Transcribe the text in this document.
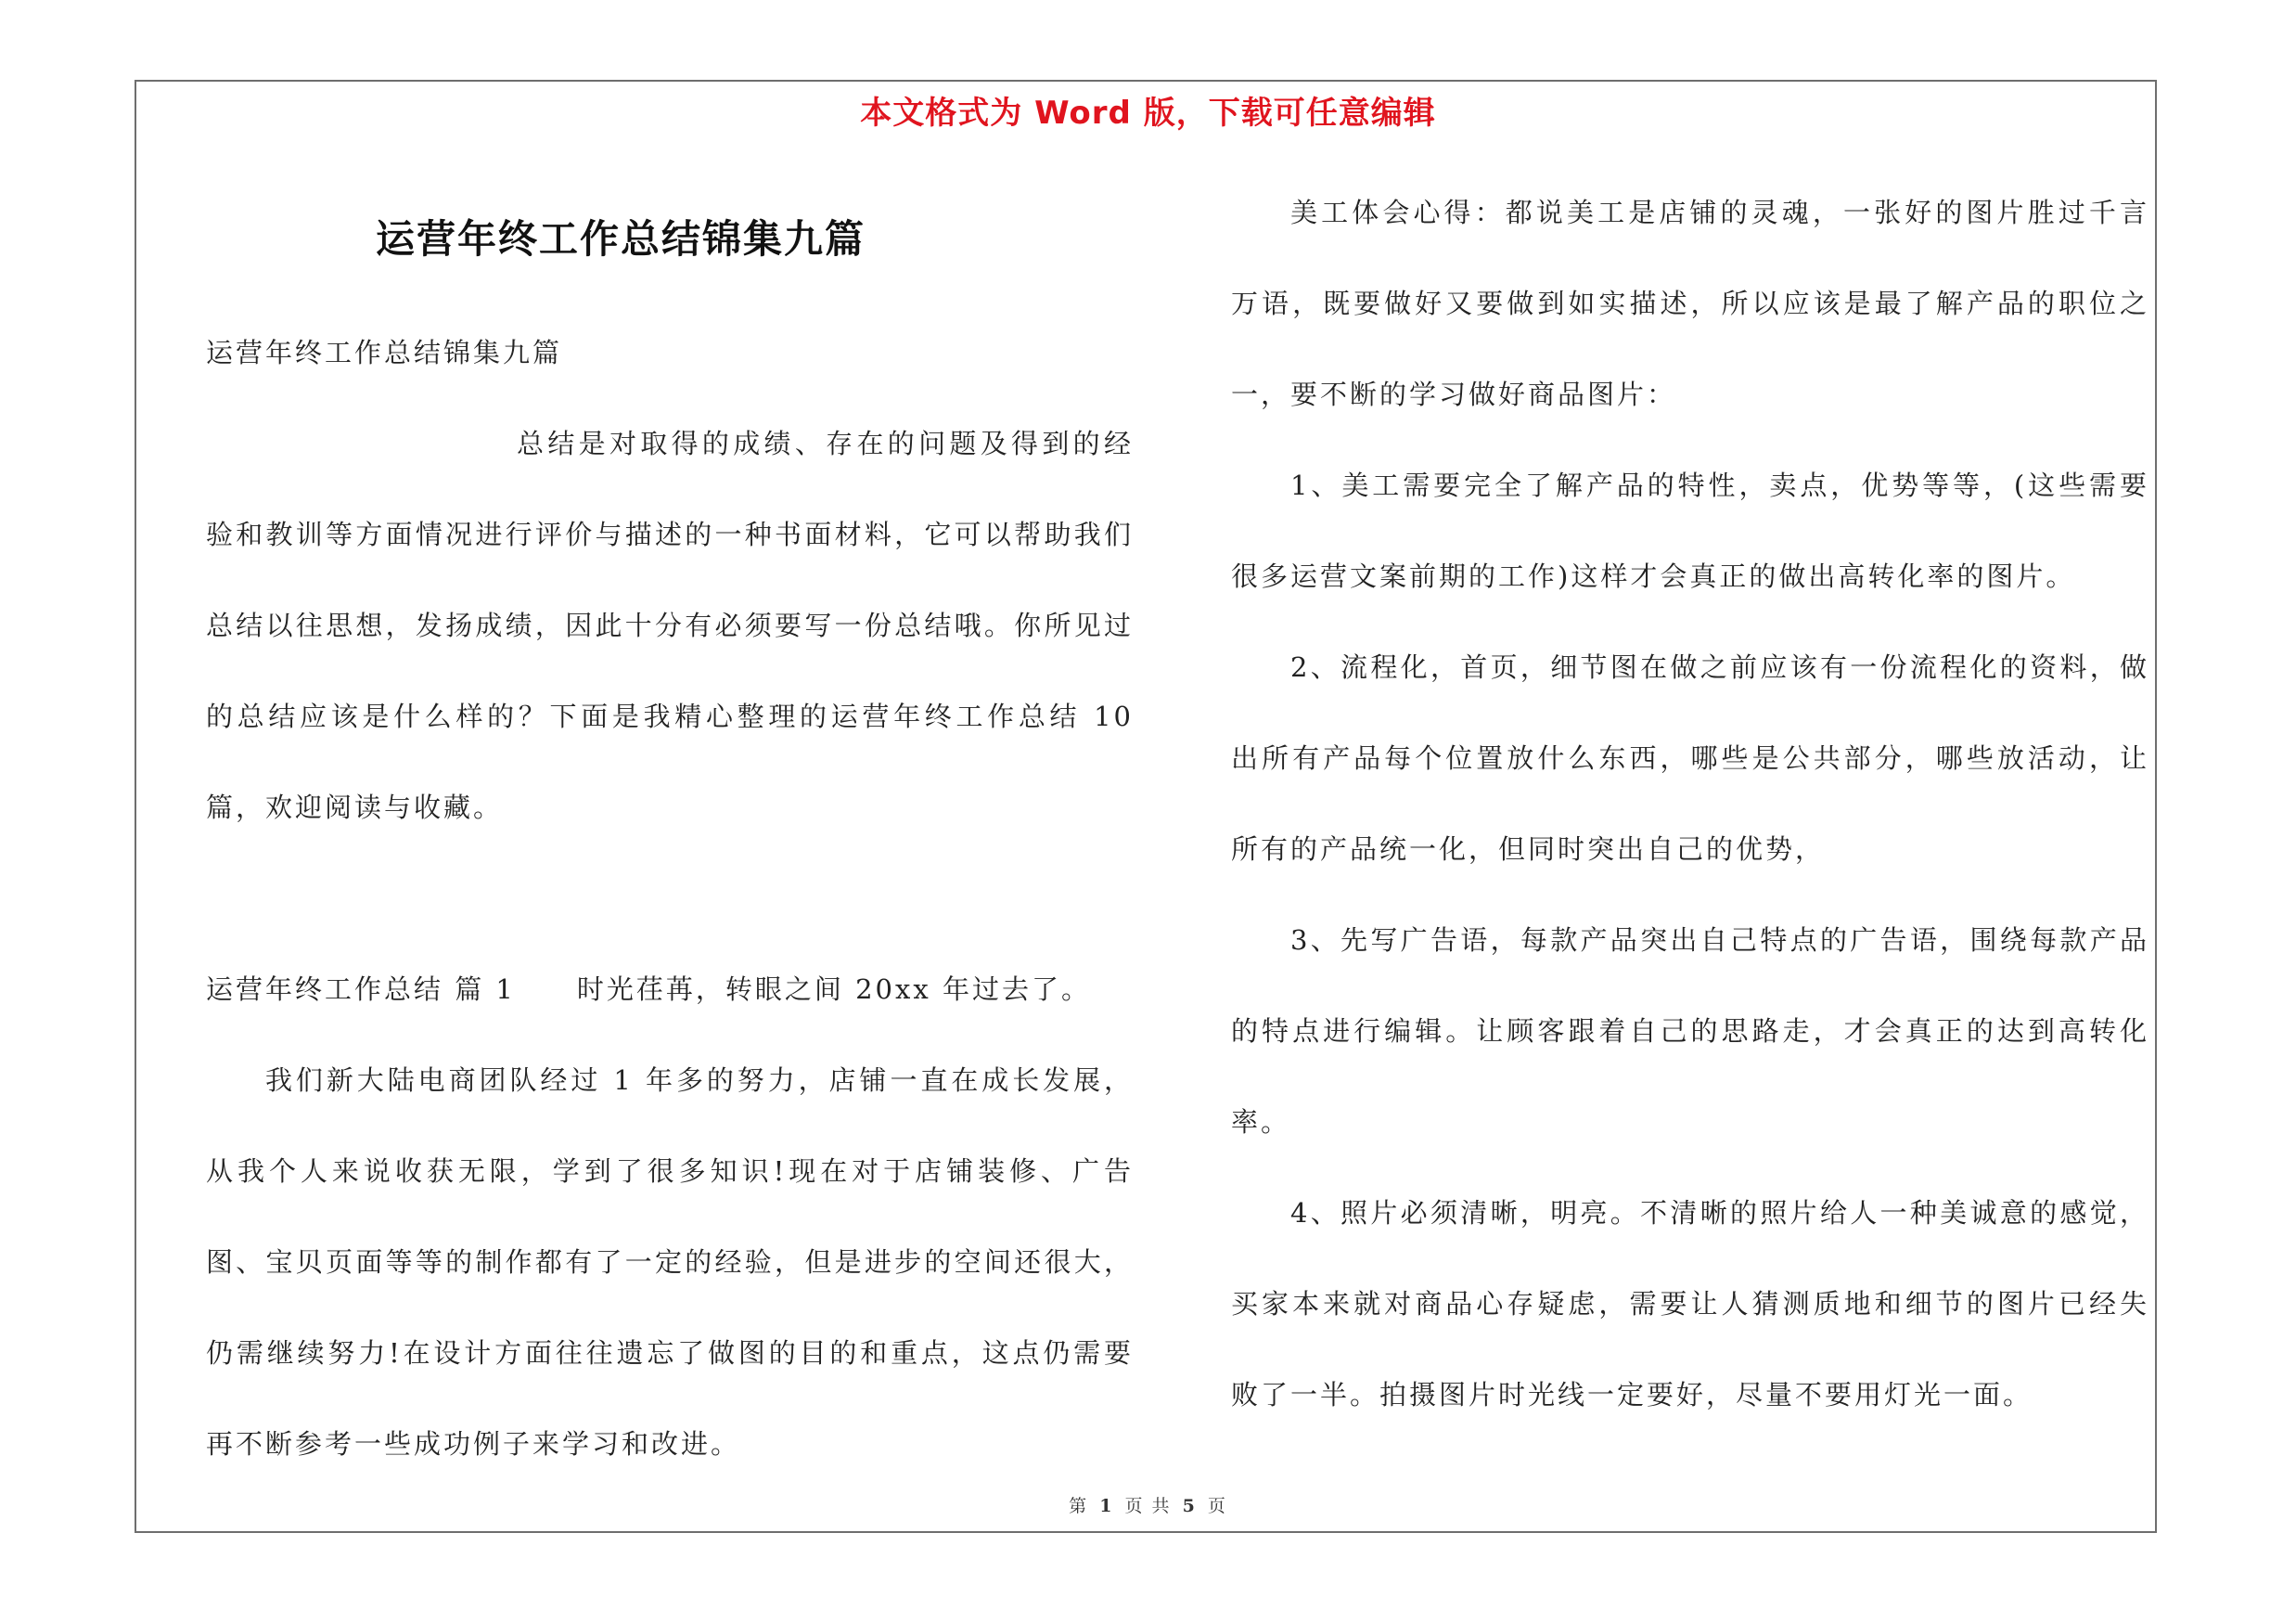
本文格式为 Word 版，下载可任意编辑
运营年终工作总结锦集九篇

运营年终工作总结锦集九篇

总结是对取得的成绩、存在的问题及得到的经验和教训等方面情况进行评价与描述的一种书面材料，它可以帮助我们总结以往思想，发扬成绩，因此十分有必须要写一份总结哦。你所见过的总结应该是什么样的？下面是我精心整理的运营年终工作总结 10 篇，欢迎阅读与收藏。

运营年终工作总结 篇 1 时光荏苒，转眼之间 20xx 年过去了。

我们新大陆电商团队经过 1 年多的努力，店铺一直在成长发展，从我个人来说收获无限，学到了很多知识!现在对于店铺装修、广告图、宝贝页面等等的制作都有了一定的经验，但是进步的空间还很大，仍需继续努力!在设计方面往往遗忘了做图的目的和重点，这点仍需要再不断参考一些成功例子来学习和改进。

美工体会心得：都说美工是店铺的灵魂，一张好的图片胜过千言万语，既要做好又要做到如实描述，所以应该是最了解产品的职位之一，要不断的学习做好商品图片：

1、美工需要完全了解产品的特性，卖点，优势等等，(这些需要很多运营文案前期的工作)这样才会真正的做出高转化率的图片。

2、流程化，首页，细节图在做之前应该有一份流程化的资料，做出所有产品每个位置放什么东西，哪些是公共部分，哪些放活动，让所有的产品统一化，但同时突出自己的优势，

3、先写广告语，每款产品突出自己特点的广告语，围绕每款产品的特点进行编辑。让顾客跟着自己的思路走，才会真正的达到高转化率。

4、照片必须清晰，明亮。不清晰的照片给人一种美诚意的感觉，买家本来就对商品心存疑虑，需要让人猜测质地和细节的图片已经失败了一半。拍摄图片时光线一定要好，尽量不要用灯光一面。

第 1 页 共 5 页
